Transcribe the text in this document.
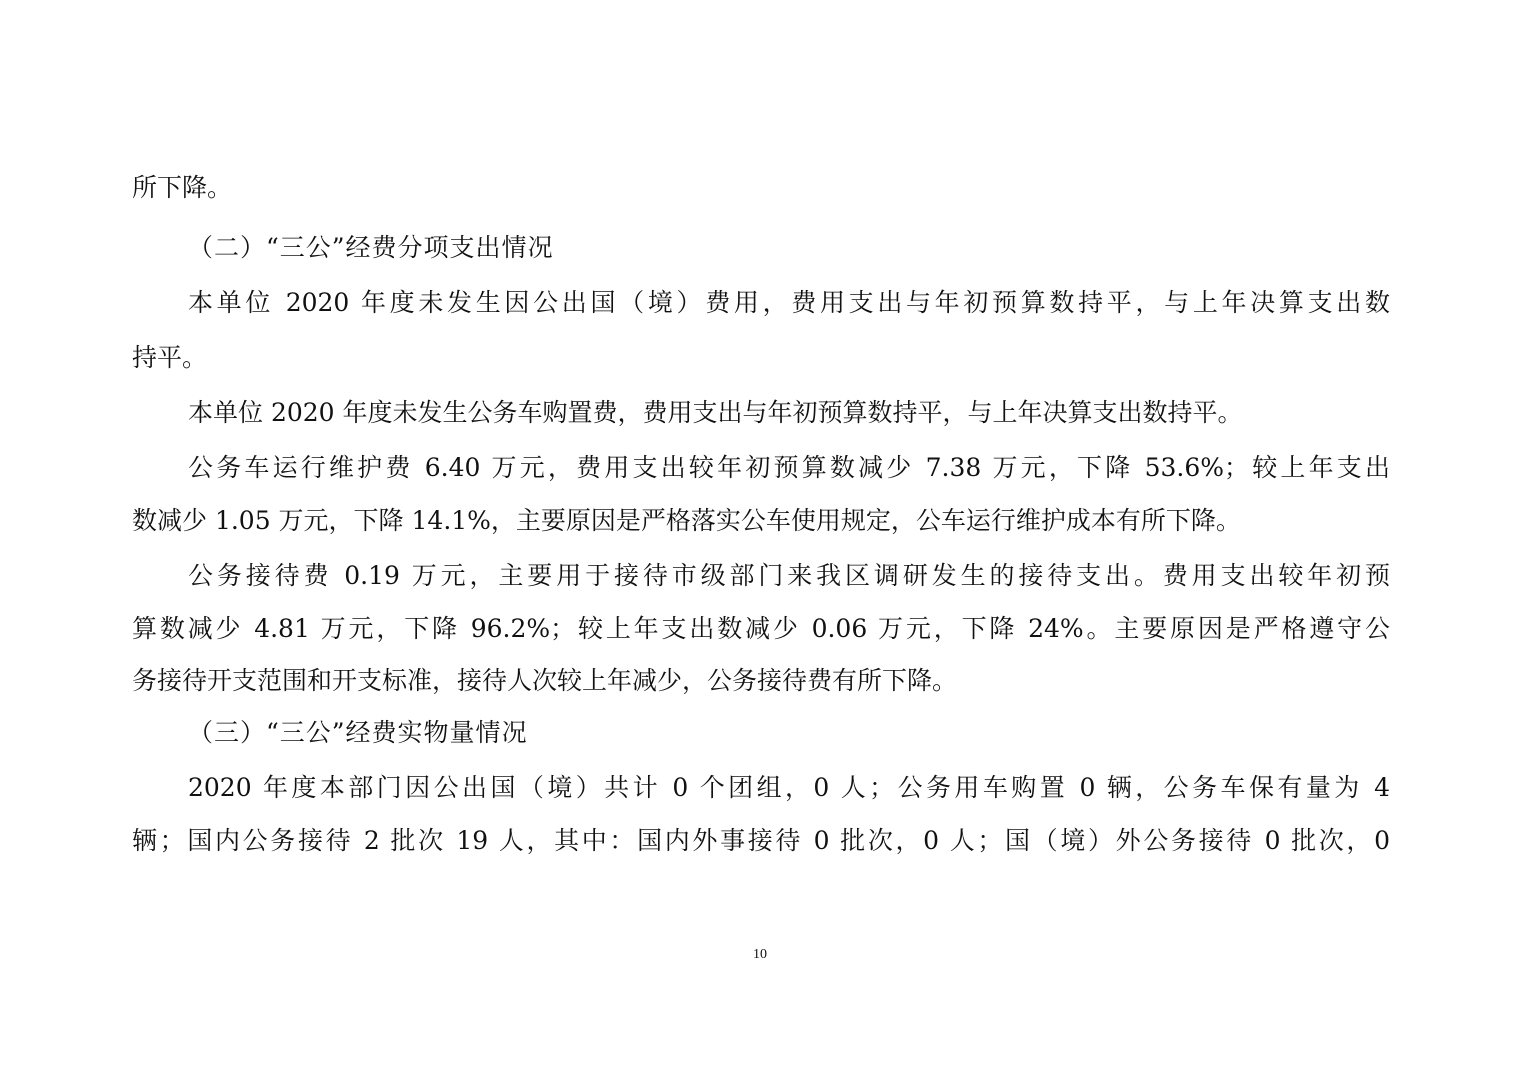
所下降。
（二）“三公”经费分项支出情况
本单位 2020 年度未发生因公出国（境）费用，费用支出与年初预算数持平，与上年决算支出数
持平。
本单位 2020 年度未发生公务车购置费，费用支出与年初预算数持平，与上年决算支出数持平。
公务车运行维护费 6.40 万元，费用支出较年初预算数减少 7.38 万元，下降 53.6%；较上年支出
数减少 1.05 万元，下降 14.1%，主要原因是严格落实公车使用规定，公车运行维护成本有所下降。
公务接待费 0.19 万元，主要用于接待市级部门来我区调研发生的接待支出。费用支出较年初预
算数减少 4.81 万元，下降 96.2%；较上年支出数减少 0.06 万元，下降 24%。主要原因是严格遵守公
务接待开支范围和开支标准，接待人次较上年减少，公务接待费有所下降。
（三）“三公”经费实物量情况
2020 年度本部门因公出国（境）共计 0 个团组，0 人；公务用车购置 0 辆，公务车保有量为 4
辆；国内公务接待 2 批次 19 人，其中：国内外事接待 0 批次，0 人；国（境）外公务接待 0 批次，0
10
